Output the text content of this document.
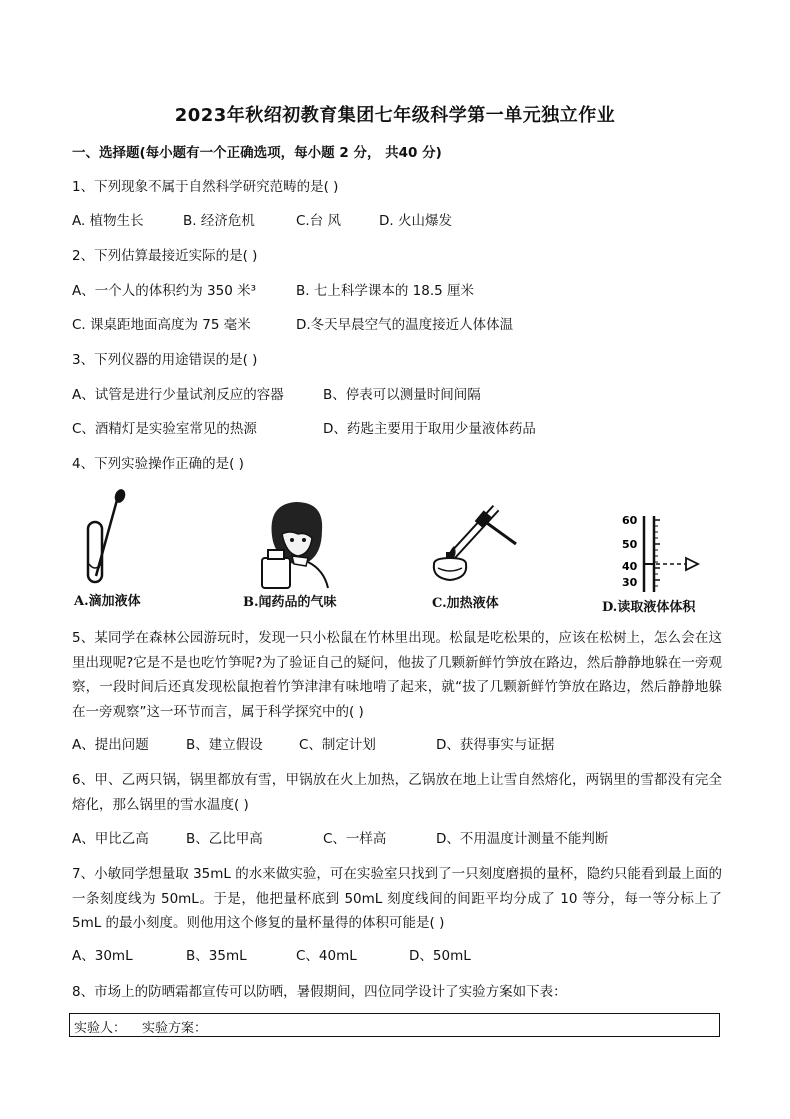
2023年秋绍初教育集团七年级科学第一单元独立作业
一、选择题(每小题有一个正确选项，每小题 2 分， 共40 分)
1、下列现象不属于自然科学研究范畴的是( )
A. 植物生长	B. 经济危机	C.台 风	D. 火山爆发
2、下列估算最接近实际的是( )
A、一个人的体积约为 350 米³	B. 七上科学课本的 18.5 厘米
C. 课桌距地面高度为 75 毫米	D.冬天早晨空气的温度接近人体体温
3、下列仪器的用途错误的是( )
A、试管是进行少量试剂反应的容器	B、停表可以测量时间间隔
C、酒精灯是实验室常见的热源	D、药匙主要用于取用少量液体药品
4、下列实验操作正确的是( )
A.滴加液体	B.闻药品的气味	C.加热液体
60
50
40
30
D.读取液体体积
5、某同学在森林公园游玩时，发现一只小松鼠在竹林里出现。松鼠是吃松果的，应该在松树上，怎么会在这里出现呢?它是不是也吃竹笋呢?为了验证自己的疑问，他拔了几颗新鲜竹笋放在路边，然后静静地躲在一旁观察，一段时间后还真发现松鼠抱着竹笋津津有味地啃了起来，就“拔了几颗新鲜竹笋放在路边，然后静静地躲在一旁观察”这一环节而言，属于科学探究中的( )
A、提出问题	B、建立假设	C、制定计划	D、获得事实与证据
6、甲、乙两只锅，锅里都放有雪，甲锅放在火上加热，乙锅放在地上让雪自然熔化，两锅里的雪都没有完全熔化，那么锅里的雪水温度( )
A、甲比乙高	B、乙比甲高	C、一样高	D、不用温度计测量不能判断
7、小敏同学想量取 35mL 的水来做实验，可在实验室只找到了一只刻度磨损的量杯，隐约只能看到最上面的一条刻度线为 50mL。于是，他把量杯底到 50mL 刻度线间的间距平均分成了 10 等分，每一等分标上了 5mL 的最小刻度。则他用这个修复的量杯量得的体积可能是( )
A、30mL	B、35mL	C、40mL	D、50mL
8、市场上的防晒霜都宣传可以防晒，暑假期间，四位同学设计了实验方案如下表：
实验人： 实验方案：
